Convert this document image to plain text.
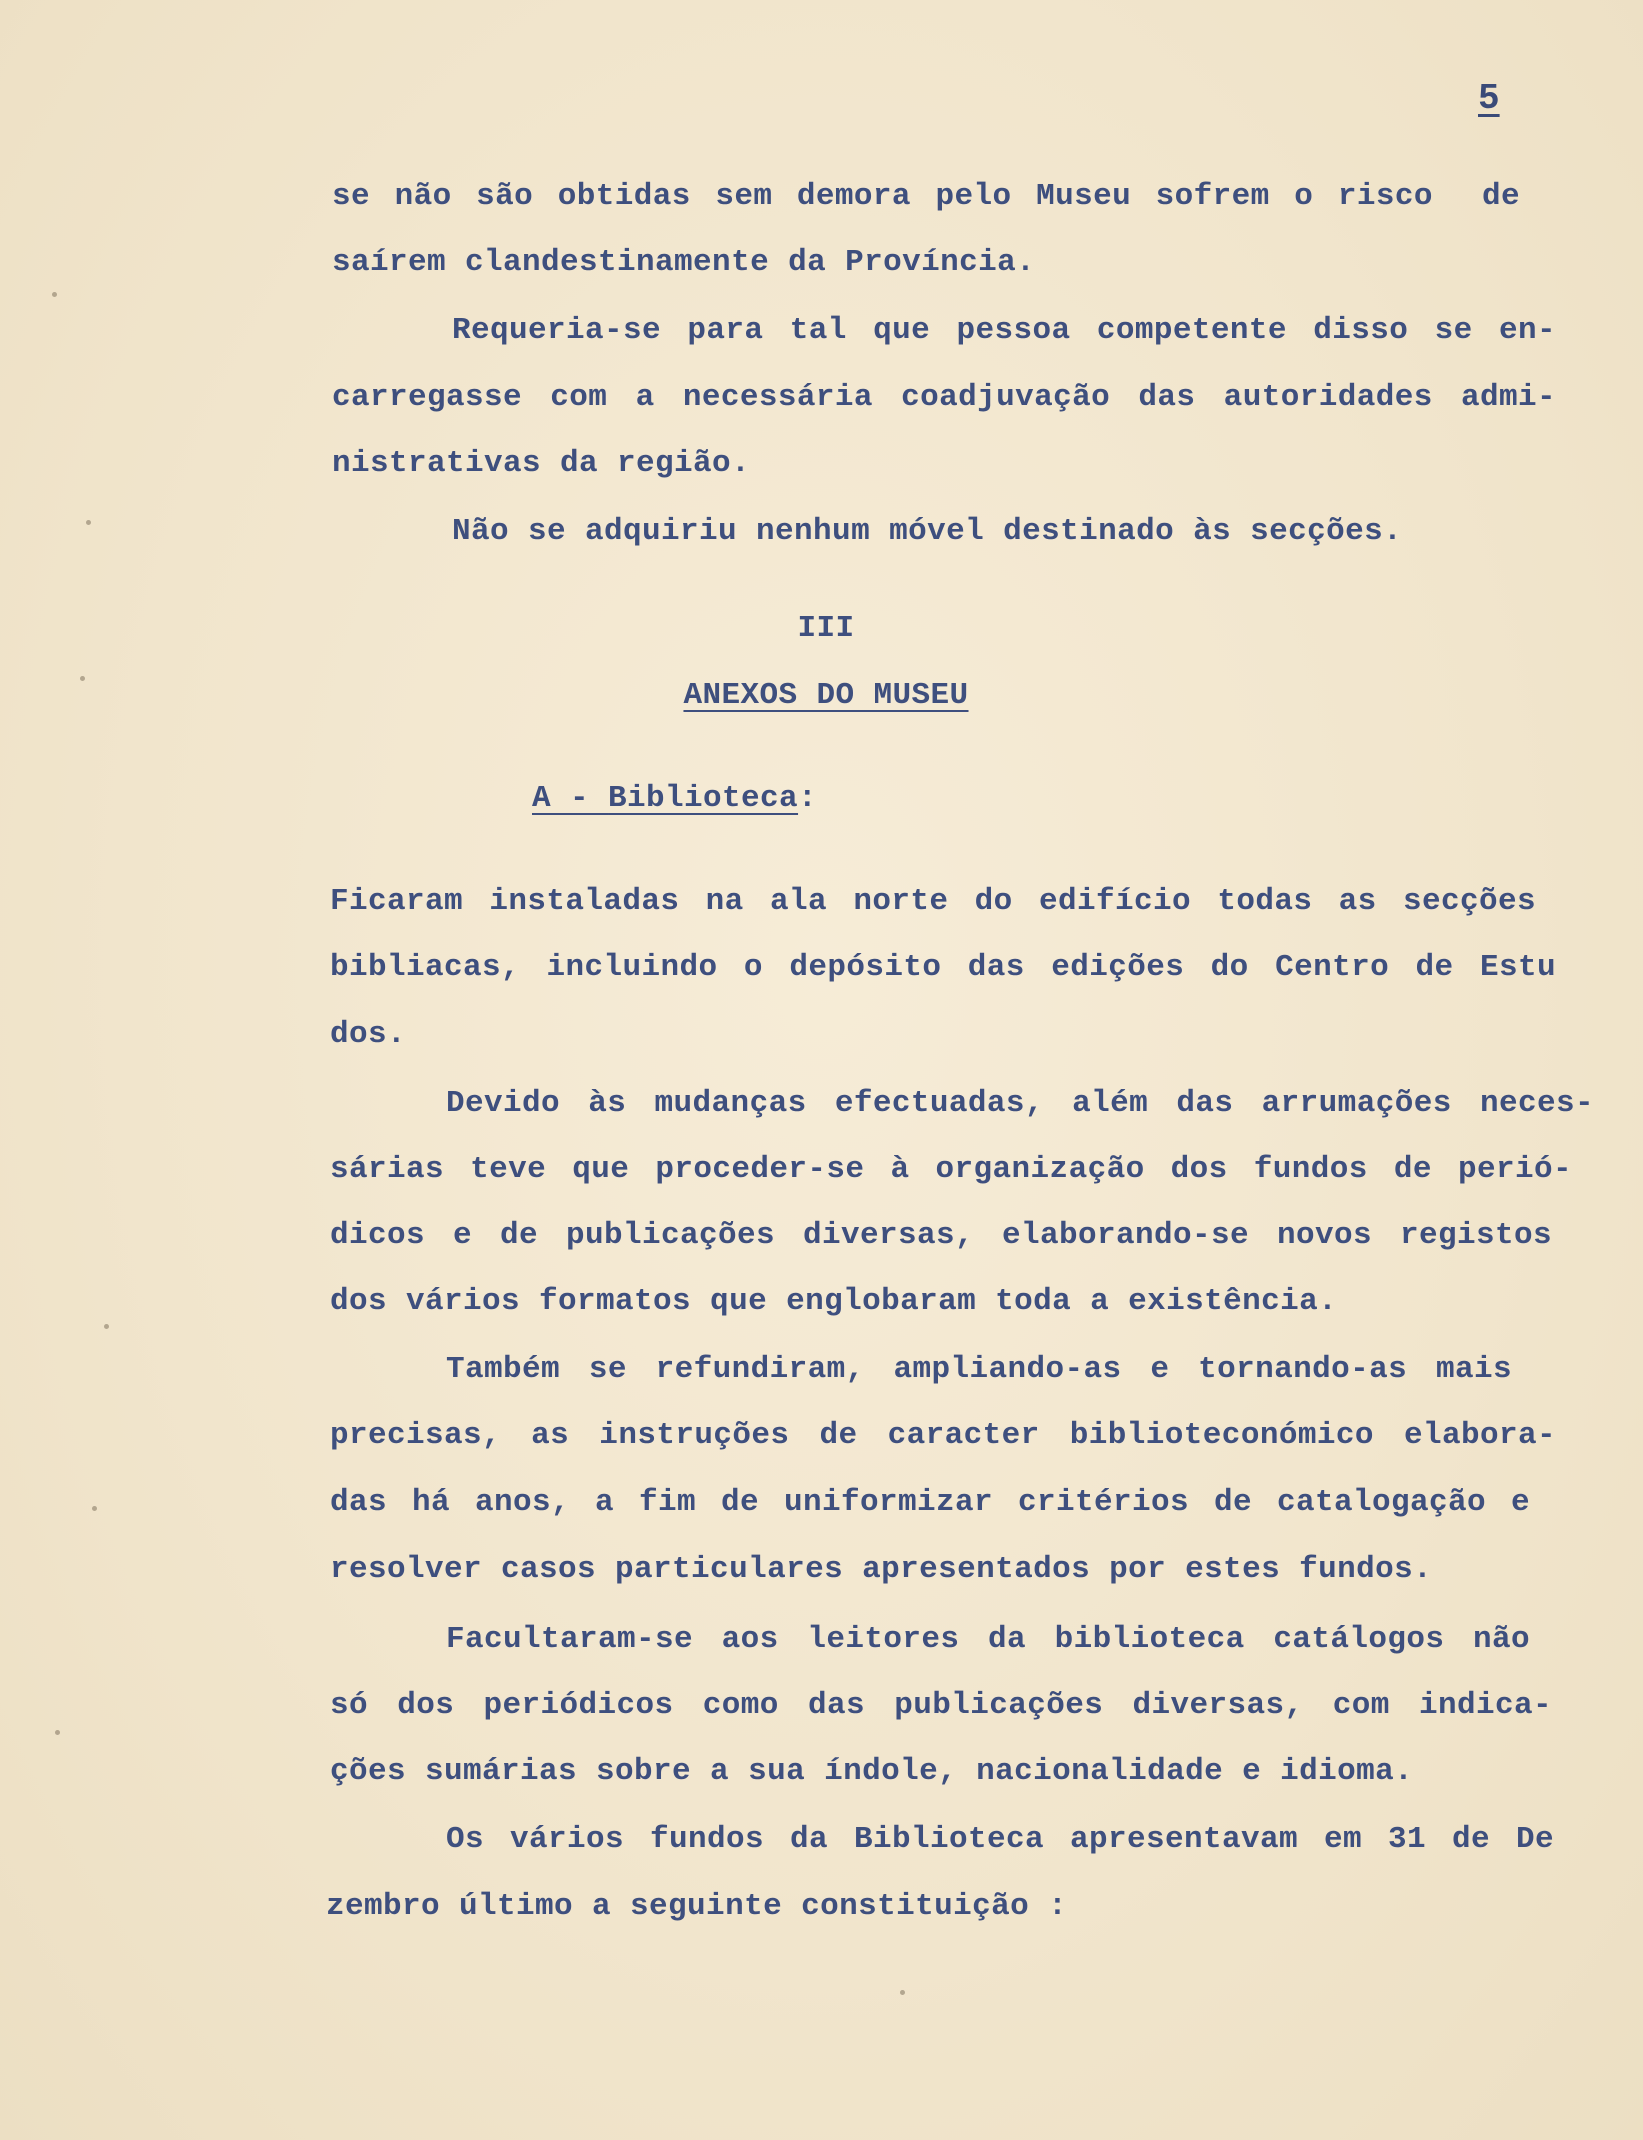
5
se não são obtidas sem demora pelo Museu sofrem o risco  de
saírem clandestinamente da Província.
Requeria-se para tal que pessoa competente disso se en-
carregasse com a necessária coadjuvação das autoridades admi-
nistrativas da região.
Não se adquiriu nenhum móvel destinado às secções.
III
ANEXOS DO MUSEU
A - Biblioteca:
Ficaram instaladas na ala norte do edifício todas as secções
bibliacas, incluindo o depósito das edições do Centro de Estu
dos.
Devido às mudanças efectuadas, além das arrumações neces-
sárias teve que proceder-se à organização dos fundos de perió-
dicos e de publicações diversas, elaborando-se novos registos
dos vários formatos que englobaram toda a existência.
Também se refundiram, ampliando-as e tornando-as mais
precisas, as instruções de caracter biblioteconómico elabora-
das há anos, a fim de uniformizar critérios de catalogação e
resolver casos particulares apresentados por estes fundos.
Facultaram-se aos leitores da biblioteca catálogos não
só dos periódicos como das publicações diversas, com indica-
ções sumárias sobre a sua índole, nacionalidade e idioma.
Os vários fundos da Biblioteca apresentavam em 31 de De
zembro último a seguinte constituição :
